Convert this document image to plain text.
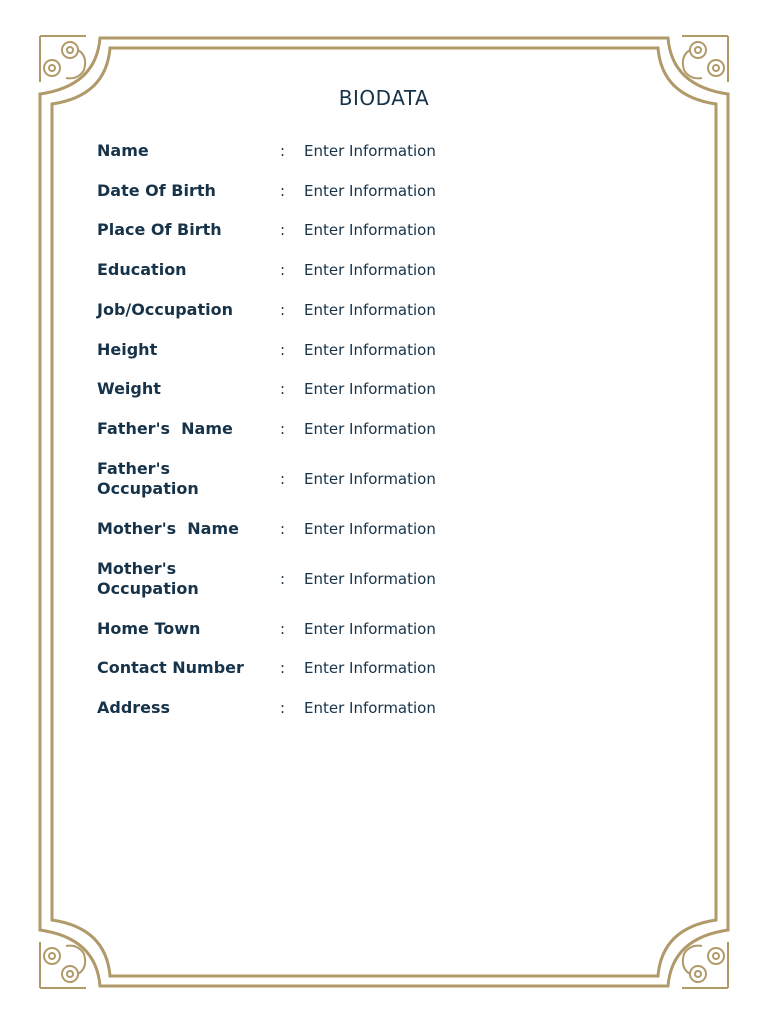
BIODATA
Name	:	Enter Information
Date Of Birth	:	Enter Information
Place Of Birth	:	Enter Information
Education	:	Enter Information
Job/Occupation	:	Enter Information
Height	:	Enter Information
Weight	:	Enter Information
Father's  Name	:	Enter Information
Father's Occupation	:	Enter Information
Mother's  Name	:	Enter Information
Mother's Occupation	:	Enter Information
Home Town	:	Enter Information
Contact Number	:	Enter Information
Address	:	Enter Information
